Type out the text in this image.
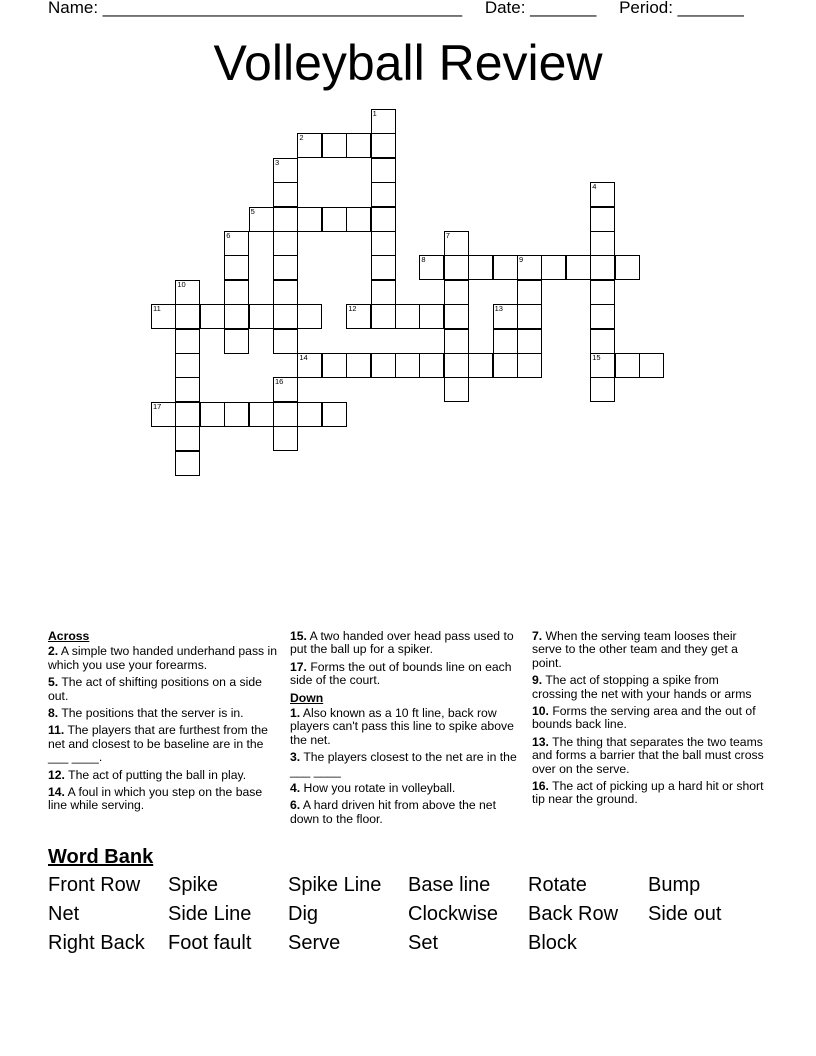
Name: ______________________________________ Date: _______ Period: _______
Volleyball Review
1
2
3
4
15
5
6	7
8	9
10
11	12	13
14
16
17
Across
2. A simple two handed underhand pass in which you use your forearms.
5. The act of shifting positions on a side out.
8. The positions that the server is in.
11. The players that are furthest from the net and closest to be baseline are in the ___ ____.
12. The act of putting the ball in play.
14. A foul in which you step on the base line while serving.
15. A two handed over head pass used to put the ball up for a spiker.
17. Forms the out of bounds line on each side of the court.
Down
1. Also known as a 10 ft line, back row players can't pass this line to spike above the net.
3. The players closest to the net are in the ___ ____
4. How you rotate in volleyball.
6. A hard driven hit from above the net down to the floor.
7. When the serving team looses their serve to the other team and they get a point.
9. The act of stopping a spike from crossing the net with your hands or arms
10. Forms the serving area and the out of bounds back line.
13. The thing that separates the two teams and forms a barrier that the ball must cross over on the serve.
16. The act of picking up a hard hit or short tip near the ground.
Word Bank
Front Row	Spike	Spike Line	Base line	Rotate	Bump
Net	Side Line	Dig	Clockwise	Back Row	Side out
Right Back	Foot fault	Serve	Set	Block
